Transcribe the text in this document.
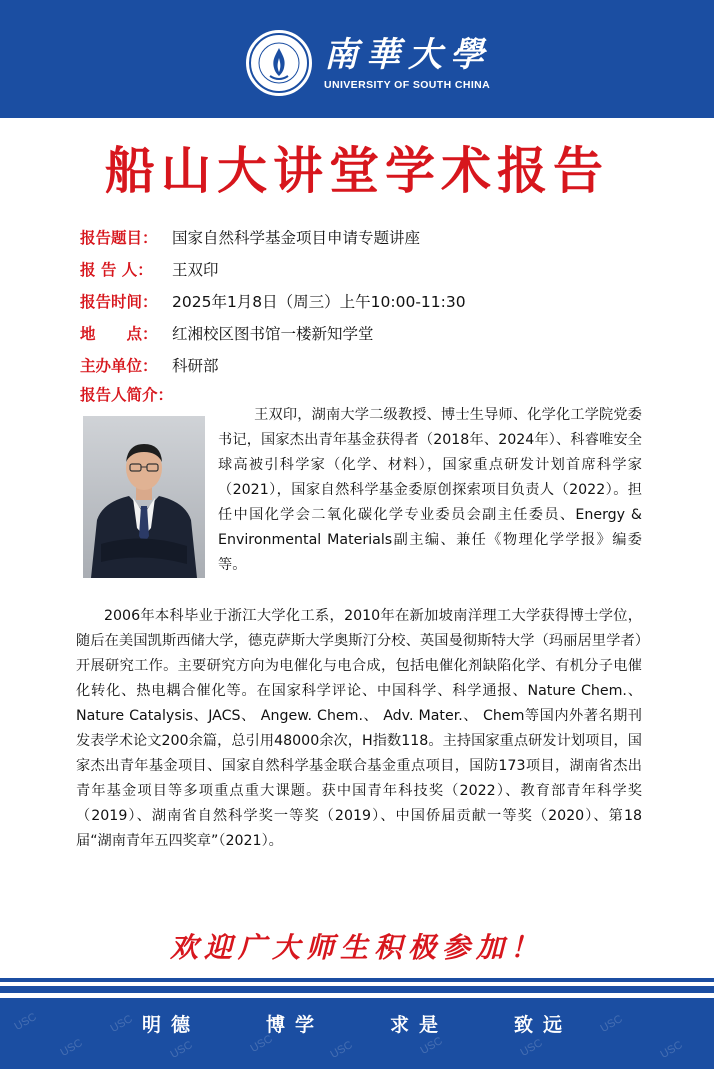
南華大學
UNIVERSITY OF SOUTH CHINA
船山大讲堂学术报告
报告题目： 国家自然科学基金项目申请专题讲座
报 告 人： 王双印
报告时间： 2025年1月8日（周三）上午10:00-11:30
地　　点： 红湘校区图书馆一楼新知学堂
主办单位： 科研部
报告人简介：
王双印，湖南大学二级教授、博士生导师、化学化工学院党委书记，国家杰出青年基金获得者（2018年、2024年）、科睿唯安全球高被引科学家（化学、材料），国家重点研发计划首席科学家（2021），国家自然科学基金委原创探索项目负责人（2022）。担任中国化学会二氧化碳化学专业委员会副主任委员、Energy & Environmental Materials副主编、兼任《物理化学学报》编委等。
2006年本科毕业于浙江大学化工系，2010年在新加坡南洋理工大学获得博士学位，随后在美国凯斯西储大学，德克萨斯大学奥斯汀分校、英国曼彻斯特大学（玛丽居里学者）开展研究工作。主要研究方向为电催化与电合成，包括电催化剂缺陷化学、有机分子电催化转化、热电耦合催化等。在国家科学评论、中国科学、科学通报、Nature Chem.、 Nature Catalysis、JACS、 Angew. Chem.、 Adv. Mater.、 Chem等国内外著名期刊发表学术论文200余篇，总引用48000余次，H指数118。主持国家重点研发计划项目，国家杰出青年基金项目、国家自然科学基金联合基金重点项目，国防173项目，湖南省杰出青年基金项目等多项重点重大课题。获中国青年科技奖（2022）、教育部青年科学奖（2019）、湖南省自然科学奖一等奖（2019）、中国侨届贡献一等奖（2020）、第18届“湖南青年五四奖章”（2021）。
欢迎广大师生积极参加！
USC
USC
USC
USC	USC	USC	USC	USC
USC
USC
明德	博学	求是	致远
